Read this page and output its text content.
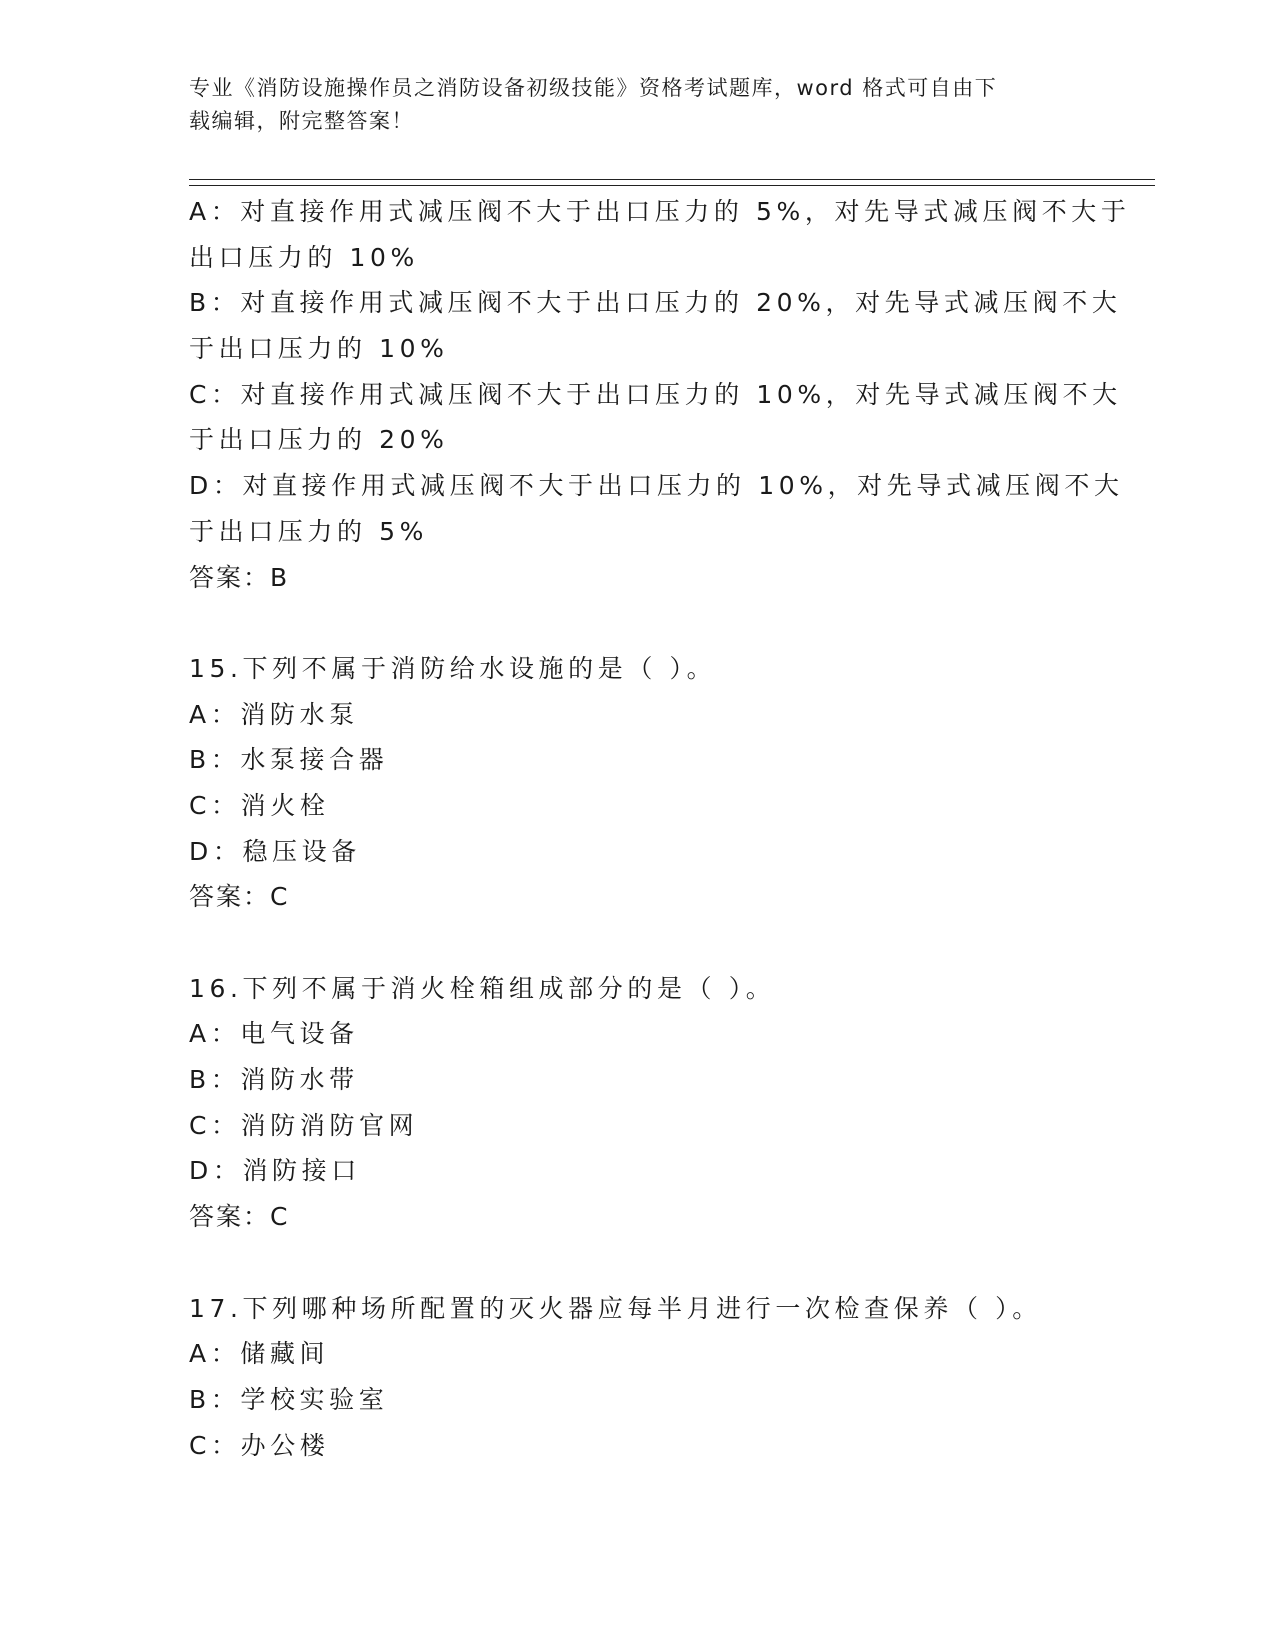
专业《消防设施操作员之消防设备初级技能》资格考试题库，word 格式可自由下
载编辑，附完整答案！
A：对直接作用式减压阀不大于出口压力的 5%，对先导式减压阀不大于
出口压力的 10%
B：对直接作用式减压阀不大于出口压力的 20%，对先导式减压阀不大
于出口压力的 10%
C：对直接作用式减压阀不大于出口压力的 10%，对先导式减压阀不大
于出口压力的 20%
D：对直接作用式减压阀不大于出口压力的 10%，对先导式减压阀不大
于出口压力的 5%
答案：B
15.下列不属于消防给水设施的是（ ）。
A：消防水泵
B：水泵接合器
C：消火栓
D：稳压设备
答案：C
16.下列不属于消火栓箱组成部分的是（ ）。
A：电气设备
B：消防水带
C：消防消防官网
D：消防接口
答案：C
17.下列哪种场所配置的灭火器应每半月进行一次检查保养（ ）。
A：储藏间
B：学校实验室
C：办公楼
